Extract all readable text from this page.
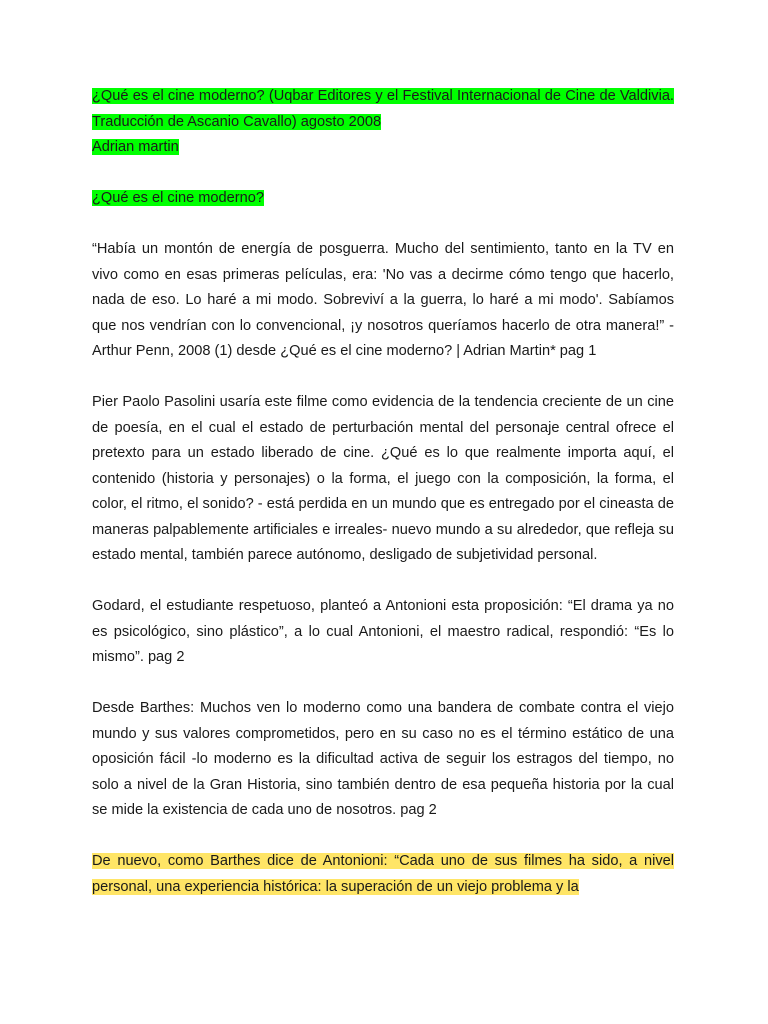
¿Qué es el cine moderno? (Uqbar Editores y el Festival Internacional de Cine de Valdivia. Traducción de Ascanio Cavallo) agosto 2008

Adrian martin

¿Qué es el cine moderno?

“Había un montón de energía de posguerra. Mucho del sentimiento, tanto en la TV en vivo como en esas primeras películas, era: 'No vas a decirme cómo tengo que hacerlo, nada de eso. Lo haré a mi modo. Sobreviví a la guerra, lo haré a mi modo'. Sabíamos que nos vendrían con lo convencional, ¡y nosotros queríamos hacerlo de otra manera!” -Arthur Penn, 2008 (1) desde ¿Qué es el cine moderno? | Adrian Martin* pag 1

Pier Paolo Pasolini usaría este filme como evidencia de la tendencia creciente de un cine de poesía, en el cual el estado de perturbación mental del personaje central ofrece el pretexto para un estado liberado de cine. ¿Qué es lo que realmente importa aquí, el contenido (historia y personajes) o la forma, el juego con la composición, la forma, el color, el ritmo, el sonido? - está perdida en un mundo que es entregado por el cineasta de maneras palpablemente artificiales e irreales- nuevo mundo a su alrededor, que refleja su estado mental, también parece autónomo, desligado de subjetividad personal.

Godard, el estudiante respetuoso, planteó a Antonioni esta proposición: “El drama ya no es psicológico, sino plástico”, a lo cual Antonioni, el maestro radical, respondió: “Es lo mismo”. pag 2

Desde Barthes: Muchos ven lo moderno como una bandera de combate contra el viejo mundo y sus valores comprometidos, pero en su caso no es el término estático de una oposición fácil -lo moderno es la dificultad activa de seguir los estragos del tiempo, no solo a nivel de la Gran Historia, sino también dentro de esa pequeña historia por la cual se mide la existencia de cada uno de nosotros. pag 2

De nuevo, como Barthes dice de Antonioni: “Cada uno de sus filmes ha sido, a nivel personal, una experiencia histórica: la superación de un viejo problema y la
